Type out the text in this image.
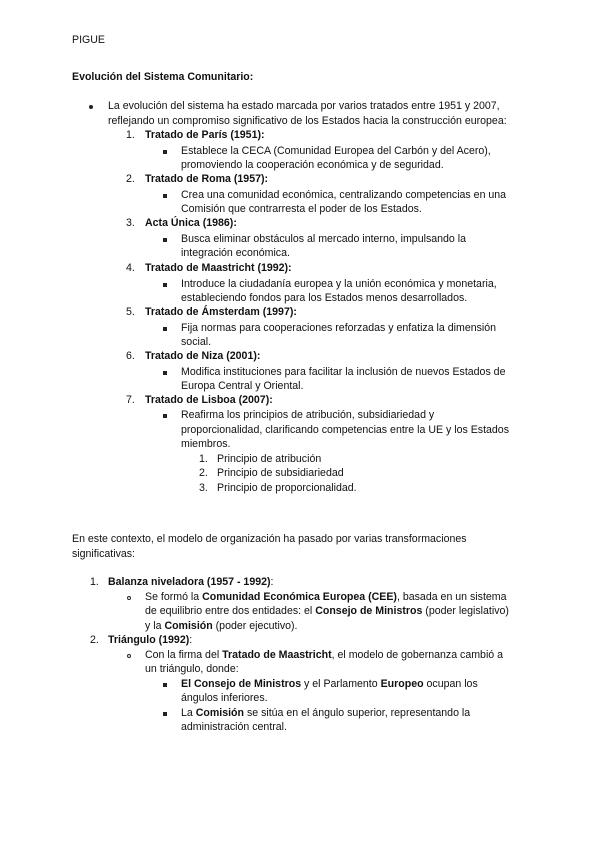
PIGUE
Evolución del Sistema Comunitario:
La evolución del sistema ha estado marcada por varios tratados entre 1951 y 2007,
reflejando un compromiso significativo de los Estados hacia la construcción europea:
1. Tratado de París (1951):
Establece la CECA (Comunidad Europea del Carbón y del Acero),
promoviendo la cooperación económica y de seguridad.
2. Tratado de Roma (1957):
Crea una comunidad económica, centralizando competencias en una
Comisión que contrarresta el poder de los Estados.
3. Acta Única (1986):
Busca eliminar obstáculos al mercado interno, impulsando la
integración económica.
4. Tratado de Maastricht (1992):
Introduce la ciudadanía europea y la unión económica y monetaria,
estableciendo fondos para los Estados menos desarrollados.
5. Tratado de Ámsterdam (1997):
Fija normas para cooperaciones reforzadas y enfatiza la dimensión
social.
6. Tratado de Niza (2001):
Modifica instituciones para facilitar la inclusión de nuevos Estados de
Europa Central y Oriental.
7. Tratado de Lisboa (2007):
Reafirma los principios de atribución, subsidiariedad y
proporcionalidad, clarificando competencias entre la UE y los Estados
miembros.
1. Principio de atribución
2. Principio de subsidiariedad
3. Principio de proporcionalidad.
En este contexto, el modelo de organización ha pasado por varias transformaciones
significativas:
1. Balanza niveladora (1957 - 1992):
Se formó la Comunidad Económica Europea (CEE), basada en un sistema
de equilibrio entre dos entidades: el Consejo de Ministros (poder legislativo)
y la Comisión (poder ejecutivo).
2. Triángulo (1992):
Con la firma del Tratado de Maastricht, el modelo de gobernanza cambió a
un triángulo, donde:
El Consejo de Ministros y el Parlamento Europeo ocupan los
ángulos inferiores.
La Comisión se sitúa en el ángulo superior, representando la
administración central.
